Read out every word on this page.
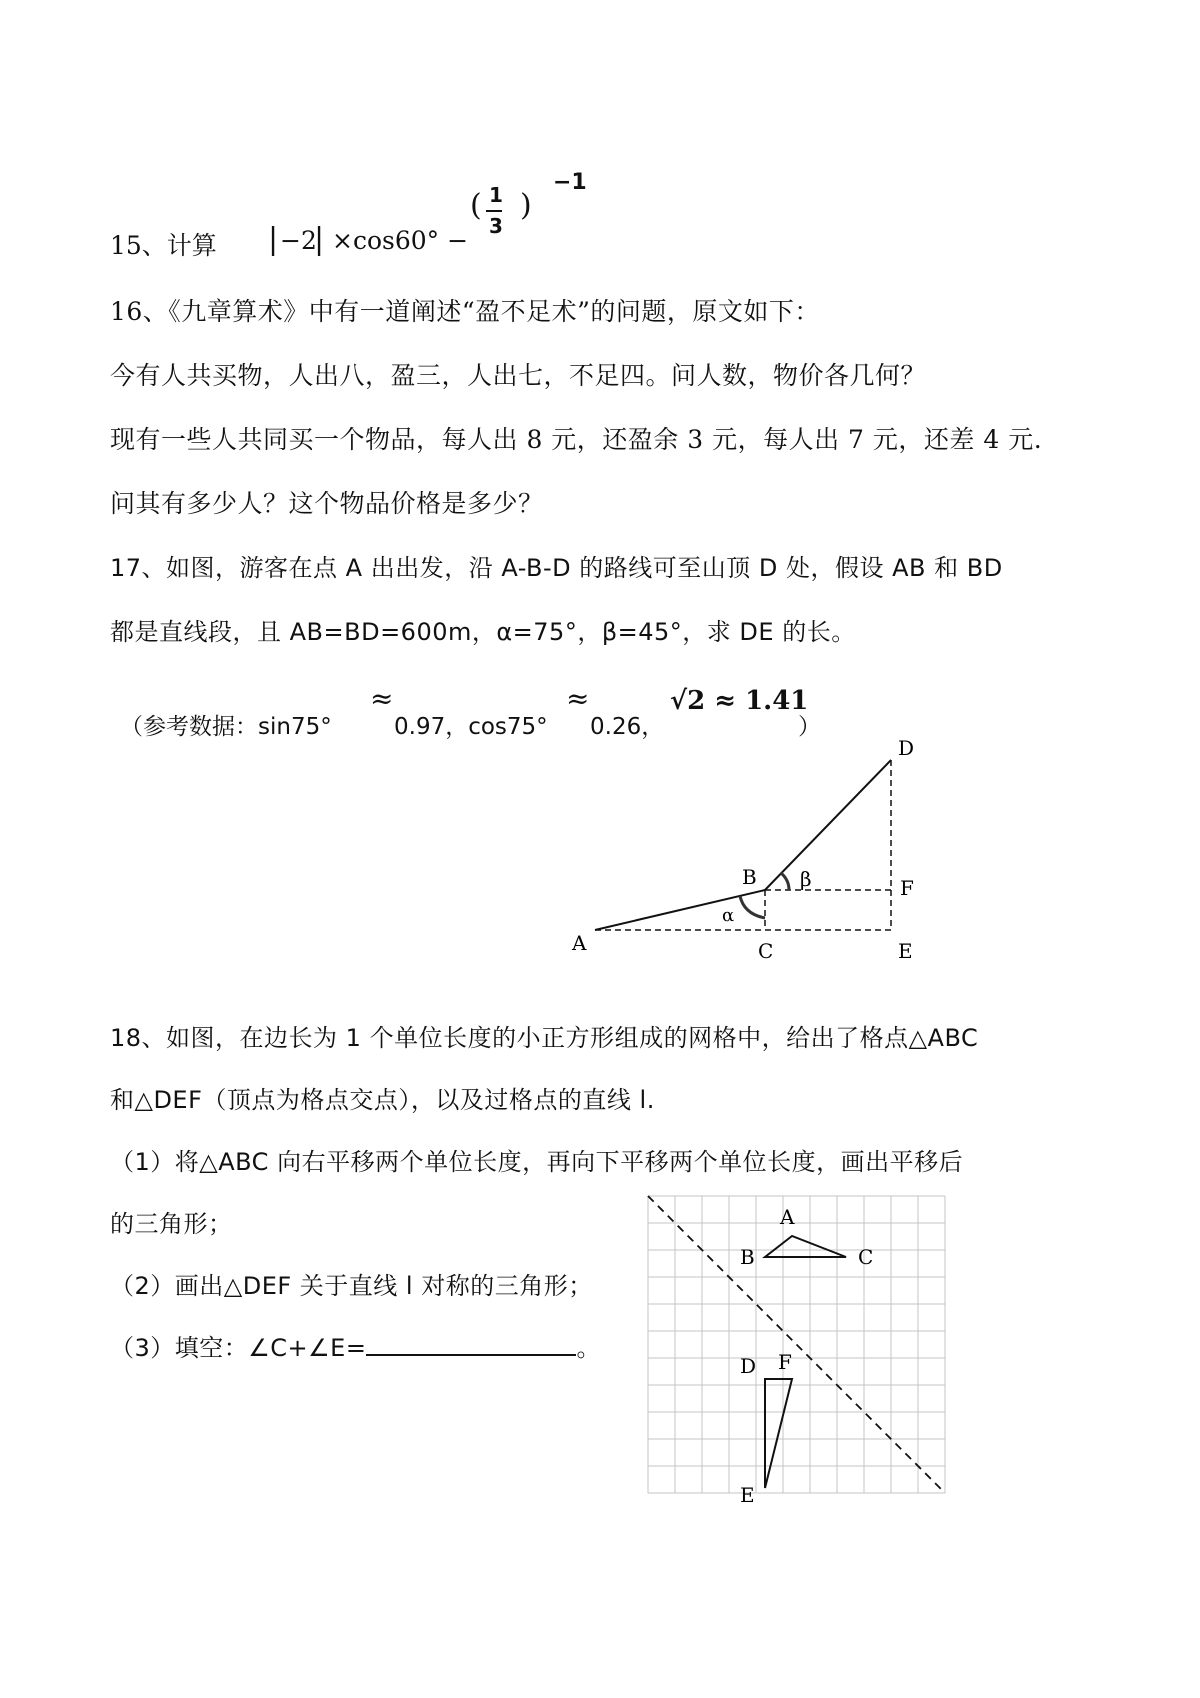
15、计算 | −2
| ×cos60° −
( 1
3
)
−1
16、《九章算术》中有一道阐述“盈不足术”的问题，原文如下：
今有人共买物，人出八，盈三，人出七，不足四。问人数，物价各几何？
现有一些人共同买一个物品，每人出 8 元，还盈余 3 元，每人出 7 元，还差 4 元.
问其有多少人？这个物品价格是多少？
17、如图，游客在点 A 出出发，沿 A-B-D 的路线可至山顶 D 处，假设 AB 和 BD
都是直线段，且 AB=BD=600m，α=75°，β=45°，求 DE 的长。
（参考数据：sin75°
≈
0.97，cos75°
≈
0.26，
√2 ≈ 1.41
）
A
B
C
D
E
F
α
β
18、如图，在边长为 1 个单位长度的小正方形组成的网格中，给出了格点△ABC
和△DEF（顶点为格点交点），以及过格点的直线 l.
（1）将△ABC 向右平移两个单位长度，再向下平移两个单位长度，画出平移后
的三角形；
（2）画出△DEF 关于直线 l 对称的三角形；
（3）填空：∠C+∠E=	。
A
B	C
D
E
F
